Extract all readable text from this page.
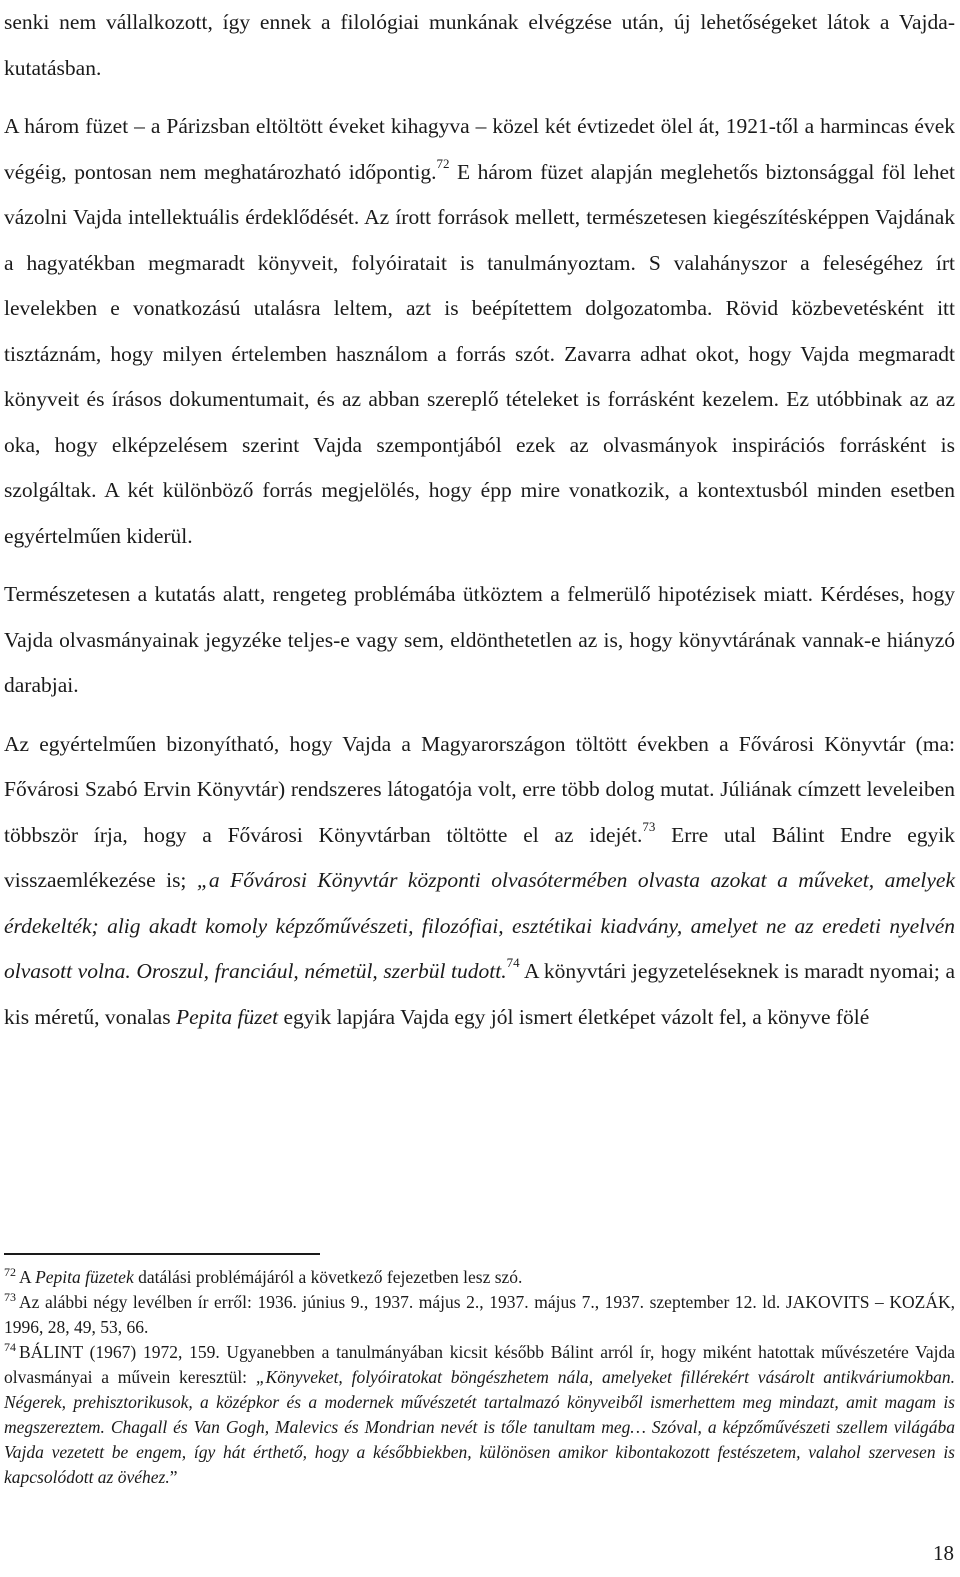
senki nem vállalkozott, így ennek a filológiai munkának elvégzése után, új lehetőségeket látok a Vajda-kutatásban.

A három füzet – a Párizsban eltöltött éveket kihagyva – közel két évtizedet ölel át, 1921-től a harmincas évek végéig, pontosan nem meghatározható időpontig.$^{72}$ E három füzet alapján meglehetős biztonsággal föl lehet vázolni Vajda intellektuális érdeklődését. Az írott források mellett, természetesen kiegészítésképpen Vajdának a hagyatékban megmaradt könyveit, folyóiratait is tanulmányoztam. S valahányszor a feleségéhez írt levelekben e vonatkozású utalásra leltem, azt is beépítettem dolgozatomba. Rövid közbevetésként itt tisztáznám, hogy milyen értelemben használom a forrás szót. Zavarra adhat okot, hogy Vajda megmaradt könyveit és írásos dokumentumait, és az abban szereplő tételeket is forrásként kezelem. Ez utóbbinak az az oka, hogy elképzelésem szerint Vajda szempontjából ezek az olvasmányok inspirációs forrásként is szolgáltak. A két különböző forrás megjelölés, hogy épp mire vonatkozik, a kontextusból minden esetben egyértelműen kiderül.

Természetesen a kutatás alatt, rengeteg problémába ütköztem a felmerülő hipotézisek miatt. Kérdéses, hogy Vajda olvasmányainak jegyzéke teljes-e vagy sem, eldönthetetlen az is, hogy könyvtárának vannak-e hiányzó darabjai.

Az egyértelműen bizonyítható, hogy Vajda a Magyarországon töltött években a Fővárosi Könyvtár (ma: Fővárosi Szabó Ervin Könyvtár) rendszeres látogatója volt, erre több dolog mutat. Júliának címzett leveleiben többször írja, hogy a Fővárosi Könyvtárban töltötte el az idejét.$^{73}$ Erre utal Bálint Endre egyik visszaemlékezése is; „a Fővárosi Könyvtár központi olvasótermében olvasta azokat a műveket, amelyek érdekelték; alig akadt komoly képzőművészeti, filozófiai, esztétikai kiadvány, amelyet ne az eredeti nyelvén olvasott volna. Oroszul, franciául, németül, szerbül tudott.$^{74}$ A könyvtári jegyzeteléseknek is maradt nyomai; a kis méretű, vonalas Pepita füzet egyik lapjára Vajda egy jól ismert életképet vázolt fel, a könyve fölé

$^{72}$ A Pepita füzetek datálási problémájáról a következő fejezetben lesz szó.

$^{73}$ Az alábbi négy levélben ír erről: 1936. június 9., 1937. május 2., 1937. május 7., 1937. szeptember 12. ld. JAKOVITS – KOZÁK, 1996, 28, 49, 53, 66.

$^{74}$ BÁLINT (1967) 1972, 159. Ugyanebben a tanulmányában kicsit később Bálint arról ír, hogy miként hatottak művészetére Vajda olvasmányai a művein keresztül: „Könyveket, folyóiratokat böngészhetem nála, amelyeket fillérekért vásárolt antikváriumokban. Négerek, prehisztorikusok, a középkor és a modernek művészetét tartalmazó könyveiből ismerhettem meg mindazt, amit magam is megszereztem. Chagall és Van Gogh, Malevics és Mondrian nevét is tőle tanultam meg… Szóval, a képzőművészeti szellem világába Vajda vezetett be engem, így hát érthető, hogy a későbbiekben, különösen amikor kibontakozott festészetem, valahol szervesen is kapcsolódott az övéhez.”

18
